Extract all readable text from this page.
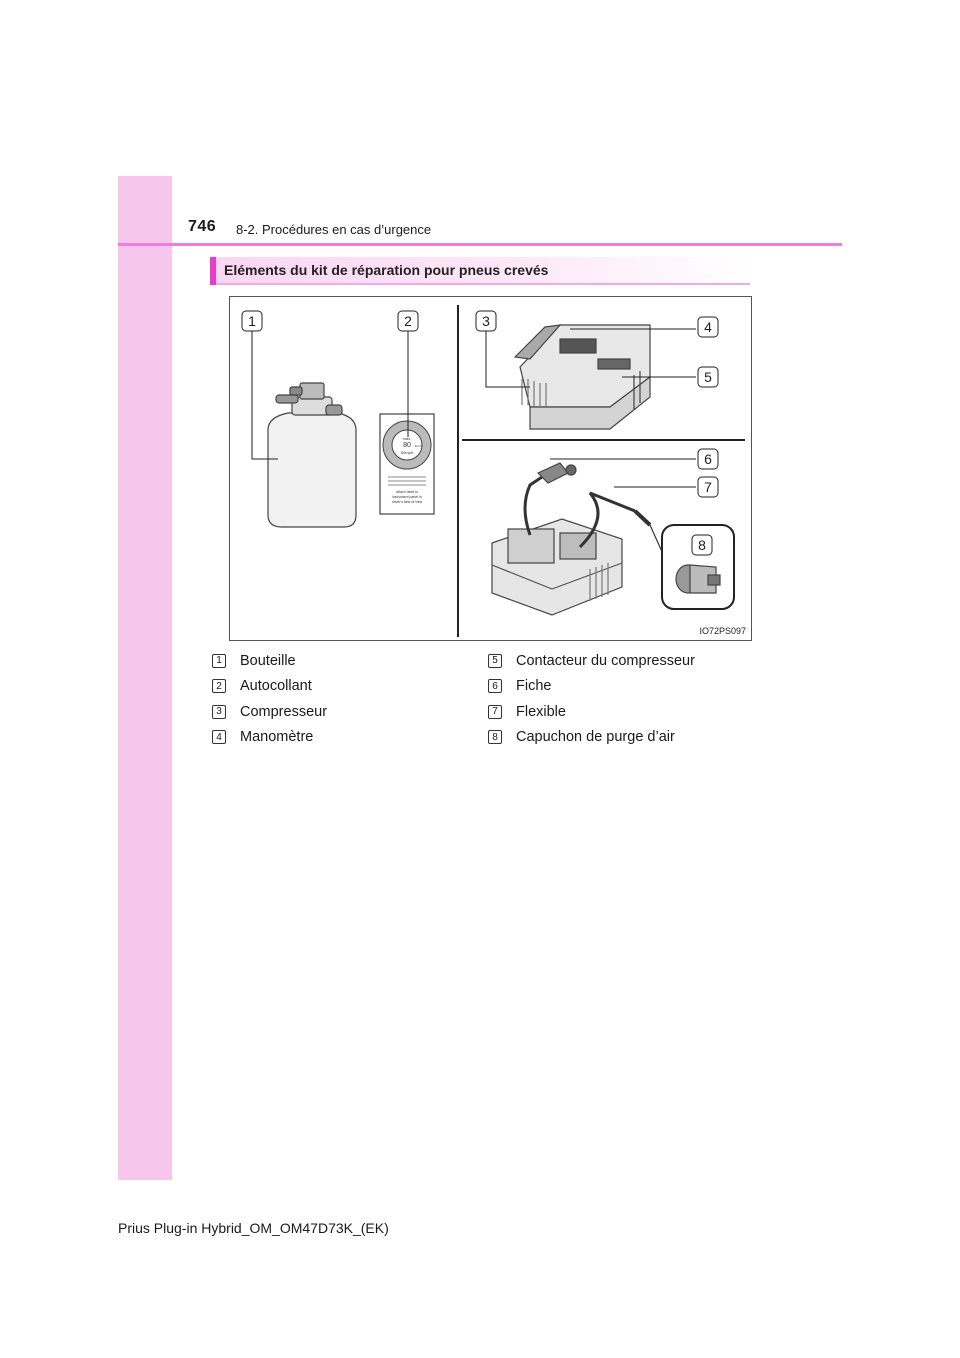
746 8-2. Procédures en cas d’urgence
Eléments du kit de réparation pour pneus crevés
max.
80 km/h
50mph
Attach label to
instrument panel in
driver's field of view
1	2	3	4
5
6
7
8
IO72PS097
1 Bouteille
2 Autocollant
3 Compresseur
4 Manomètre
5 Contacteur du compresseur
6 Fiche
7 Flexible
8 Capuchon de purge d’air
Prius Plug-in Hybrid_OM_OM47D73K_(EK)
